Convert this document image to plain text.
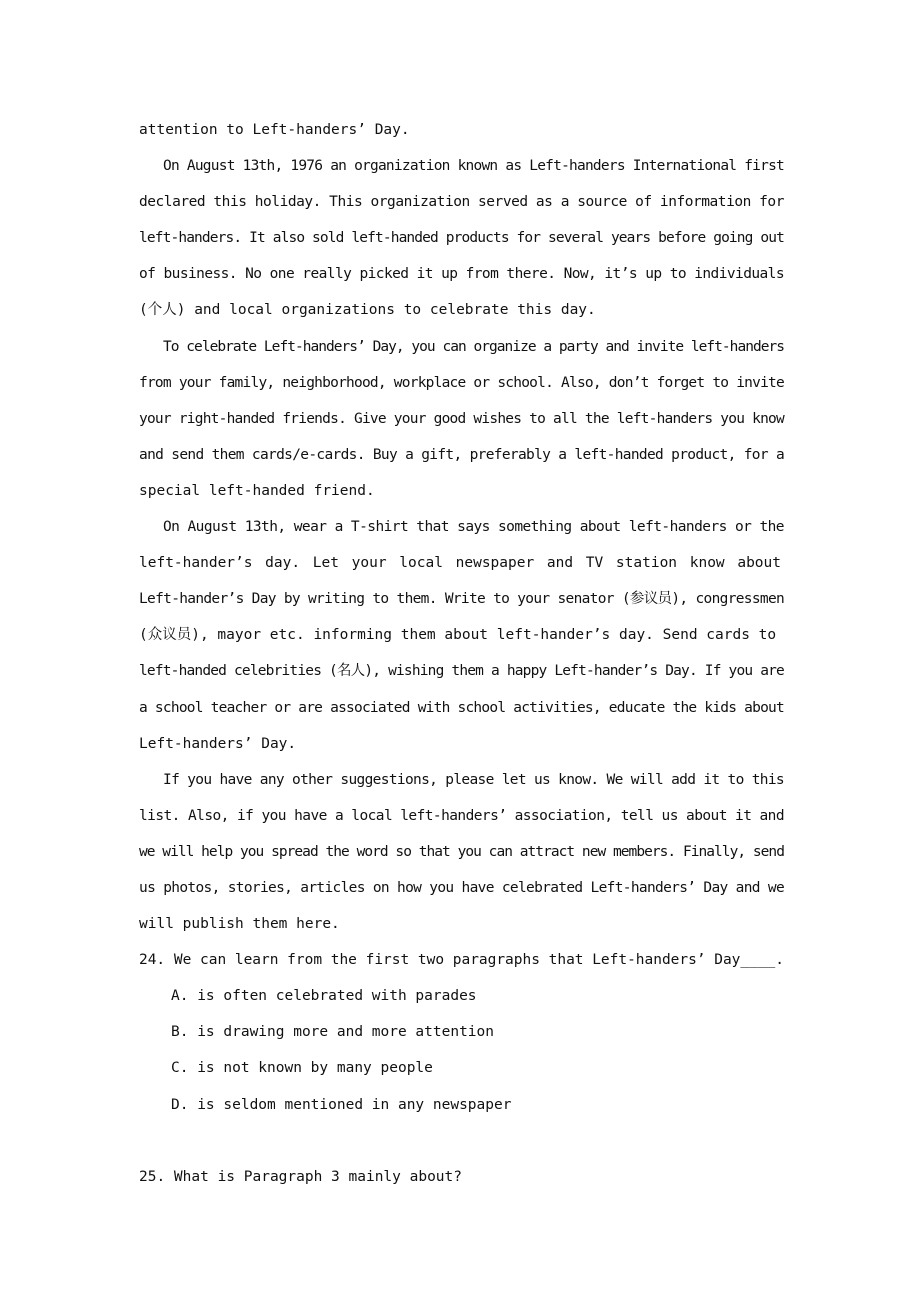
attention to Left-handers’ Day.
On August 13th, 1976 an organization known as Left-handers International first
declared this holiday. This organization served as a source of information for
left-handers. It also sold left-handed products for several years before going out
of business. No one really picked it up from there. Now, it’s up to individuals
(个人) and local organizations to celebrate this day.
To celebrate Left-handers’ Day, you can organize a party and invite left-handers
from your family, neighborhood, workplace or school. Also, don’t forget to invite
your right-handed friends. Give your good wishes to all the left-handers you know
and send them cards/e-cards. Buy a gift, preferably a left-handed product, for a
special left-handed friend.
On August 13th, wear a T-shirt that says something about left-handers or the
left-hander’s day. Let your local newspaper and TV station know about
Left-hander’s Day by writing to them. Write to your senator (参议员), congressmen
(众议员), mayor etc. informing them about left-hander’s day. Send cards to
left-handed celebrities (名人), wishing them a happy Left-hander’s Day. If you are
a school teacher or are associated with school activities, educate the kids about
Left-handers’ Day.
If you have any other suggestions, please let us know. We will add it to this
list. Also, if you have a local left-handers’ association, tell us about it and
we will help you spread the word so that you can attract new members. Finally, send
us photos, stories, articles on how you have celebrated Left-handers’ Day and we
will publish them here.
24. We can learn from the first two paragraphs that Left-handers’ Day____.
A. is often celebrated with parades
B. is drawing more and more attention
C. is not known by many people
D. is seldom mentioned in any newspaper
25. What is Paragraph 3 mainly about?
